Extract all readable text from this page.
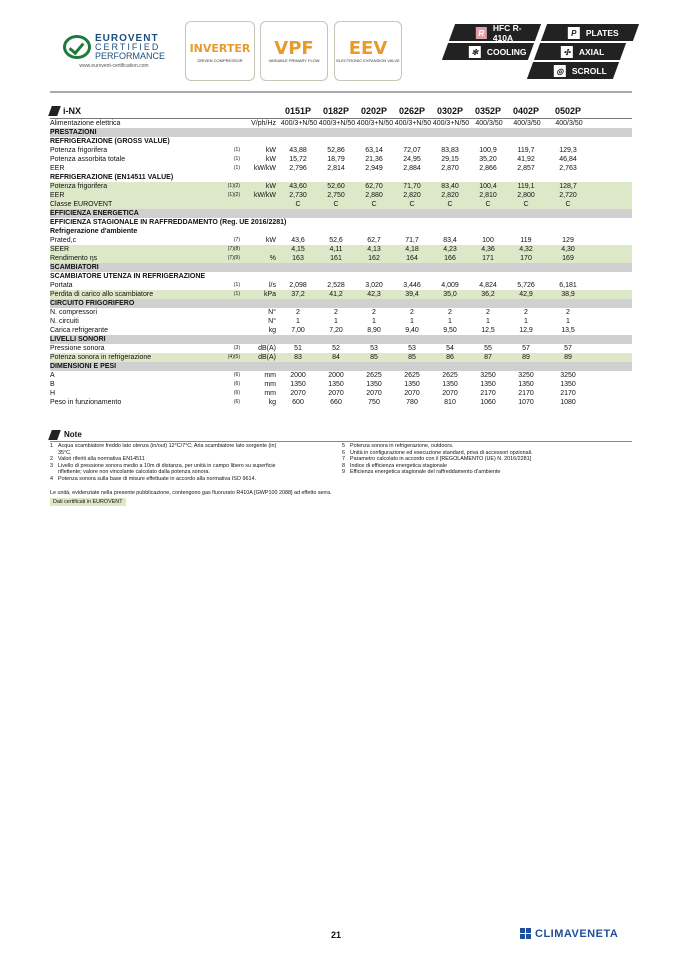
EUROVENT
CERTIFIED
PERFORMANCE
www.eurovent-certification.com
INVERTER
DRIVEN COMPRESSOR
VPF
VARIABLE PRIMARY FLOW
EEV
ELECTRONIC EXPANSION VALVE
R	HFC R-410A	P	PLATES
✻	COOLING	✣	AXIAL
◎ SCROLL
i-NX	0151P	0182P	0202P	0262P	0302P	0352P	0402P	0502P
Alimentazione elettrica	V/ph/Hz 400/3+N/50 400/3+N/50 400/3+N/50 400/3+N/50 400/3+N/50 400/3/50	400/3/50	400/3/50
PRESTAZIONI
REFRIGERAZIONE (GROSS VALUE)
Potenza frigorifera	(1)	kW	43,88	52,86	63,14	72,07	83,83	100,9	119,7	129,3
Potenza assorbita totale	(1)	kW	15,72	18,79	21,36	24,95	29,15	35,20	41,92	46,84
EER	(1)	kW/kW	2,796	2,814	2,949	2,884	2,870	2,866	2,857	2,763
REFRIGERAZIONE (EN14511 VALUE)
Potenza frigorifera	(1)(2)	kW	43,60	52,60	62,70	71,70	83,40	100,4	119,1	128,7
EER	(1)(2)	kW/kW	2,730	2,750	2,880	2,820	2,820	2,810	2,800	2,720
Classe EUROVENT	C	C	C	C	C	C	C	C
EFFICIENZA ENERGETICA
EFFICIENZA STAGIONALE IN RAFFREDDAMENTO (Reg. UE 2016/2281)
Refrigerazione d'ambiente
Prated,c	(7)	kW	43,6	52,6	62,7	71,7	83,4	100	119	129
SEER	(7)(8)	4,15	4,11	4,13	4,18	4,23	4,36	4,32	4,30
Rendimento ηs	(7)(9)	%	163	161	162	164	166	171	170	169
SCAMBIATORI
SCAMBIATORE UTENZA IN REFRIGERAZIONE
Portata	(1)	l/s	2,098	2,528	3,020	3,446	4,009	4,824	5,726	6,181
Perdita di carico allo scambiatore	(1)	kPa	37,2	41,2	42,3	39,4	35,0	36,2	42,9	38,9
CIRCUITO FRIGORIFERO
N. compressori	N°	2	2	2	2	2	2	2	2
N. circuiti	N°	1	1	1	1	1	1	1	1
Carica refrigerante	kg	7,00	7,20	8,90	9,40	9,50	12,5	12,9	13,5
LIVELLI SONORI
Pressione sonora	(3)	dB(A)	51	52	53	53	54	55	57	57
Potenza sonora in refrigerazione	(4)(5)	dB(A)	83	84	85	85	86	87	89	89
DIMENSIONI E PESI
A	(6)	mm	2000	2000	2625	2625	2625	3250	3250	3250
B	(6)	mm	1350	1350	1350	1350	1350	1350	1350	1350
H	(6)	mm	2070	2070	2070	2070	2070	2170	2170	2170
Peso in funzionamento	(6)	kg	600	660	750	780	810	1060	1070	1080
Note
1 Acqua scambiatore freddo lato utenza (in/out) 12°C/7°C; Aria scambiatore lato sorgente (in)
35°C.
2 Valori riferiti alla normativa EN14511
3 Livello di pressione sonora medio a 10m di distanza, per unità in campo libero su superficie
riflettente; valore non vincolante calcolato dalla potenza sonora.
4 Potenza sonora sulla base di misure effettuate in accordo alla normativa ISO 9614.
5 Potenza sonora in refrigerazione, outdoors.
6 Unità in configurazione ed esecuzione standard, priva di accessori opzionali.
7 Parametro calcolato in accordo con il [REGOLAMENTO (UE) N. 2016/2281]
8 Indice di efficienza energetica stagionale
9 Efficienza energetica stagionale del raffreddamento d'ambiente
Le unità, evidenziate nella presente pubblicazione, contengono gas fluorurato R410A [GWP100 2088] ad effetto serra.
Dati certificati in EUROVENT
21	CLIMAVENETA
